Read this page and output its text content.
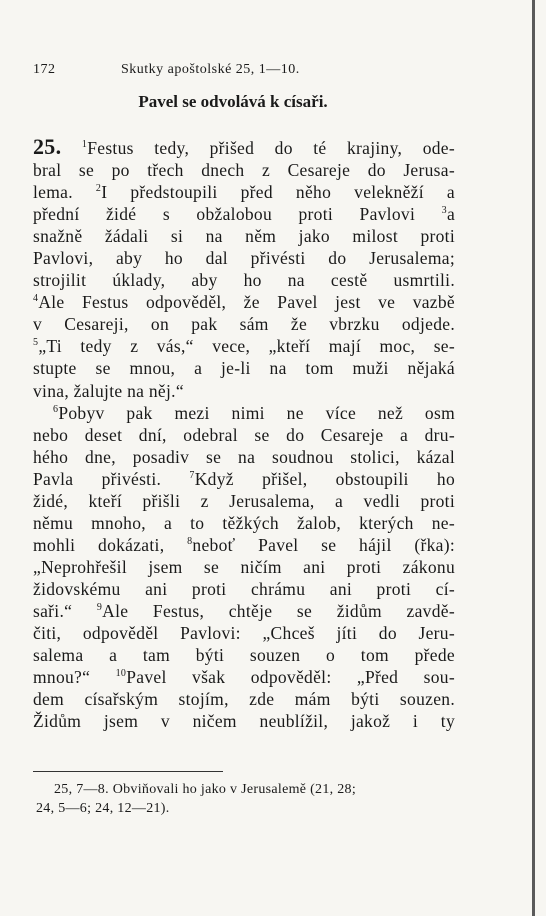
172	Skutky apoštolské 25, 1—10.
Pavel se odvolává k císaři.
25. $^1$Festus tedy, přišed do té krajiny, ode-
bral se po třech dnech z Cesareje do Jerusa-
lema. $^2$I předstoupili před něho velekněží a
přední židé s obžalobou proti Pavlovi	$^3$a
snažně žádali si na něm jako milost proti
Pavlovi, aby ho dal přivésti do Jerusalema;
strojilit úklady, aby ho na cestě usmrtili.
$^4$Ale Festus odpověděl, že Pavel jest ve vazbě
v Cesareji, on pak sám že vbrzku odjede.
$^5$„Ti tedy z vás,“ vece, „kteří mají moc, se-
stupte se mnou, a je-li na tom muži nějaká
vina, žalujte na něj.“
$^6$Pobyv pak mezi nimi ne více než osm
nebo deset dní, odebral se do Cesareje a dru-
hého dne, posadiv se na soudnou stolici, kázal
Pavla přivésti.	$^7$Když přišel, obstoupili ho
židé, kteří přišli z Jerusalema, a vedli proti
němu mnoho, a to těžkých žalob, kterých ne-
mohli dokázati, $^8$neboť Pavel se hájil (řka):
„Neprohřešil jsem se ničím ani proti zákonu
židovskému ani proti chrámu ani proti cí-
saři.“ $^9$Ale Festus, chtěje se židům zavdě-
čiti, odpověděl Pavlovi: „Chceš jíti do Jeru-
salema a tam býti souzen o tom přede
mnou?“	$^{10}$Pavel však odpověděl: „Před sou-
dem císařským stojím, zde mám býti souzen.
Židům jsem v ničem neublížil, jakož i ty
25, 7—8. Obviňovali ho jako v Jerusalemě (21, 28;
24, 5—6; 24, 12—21).
